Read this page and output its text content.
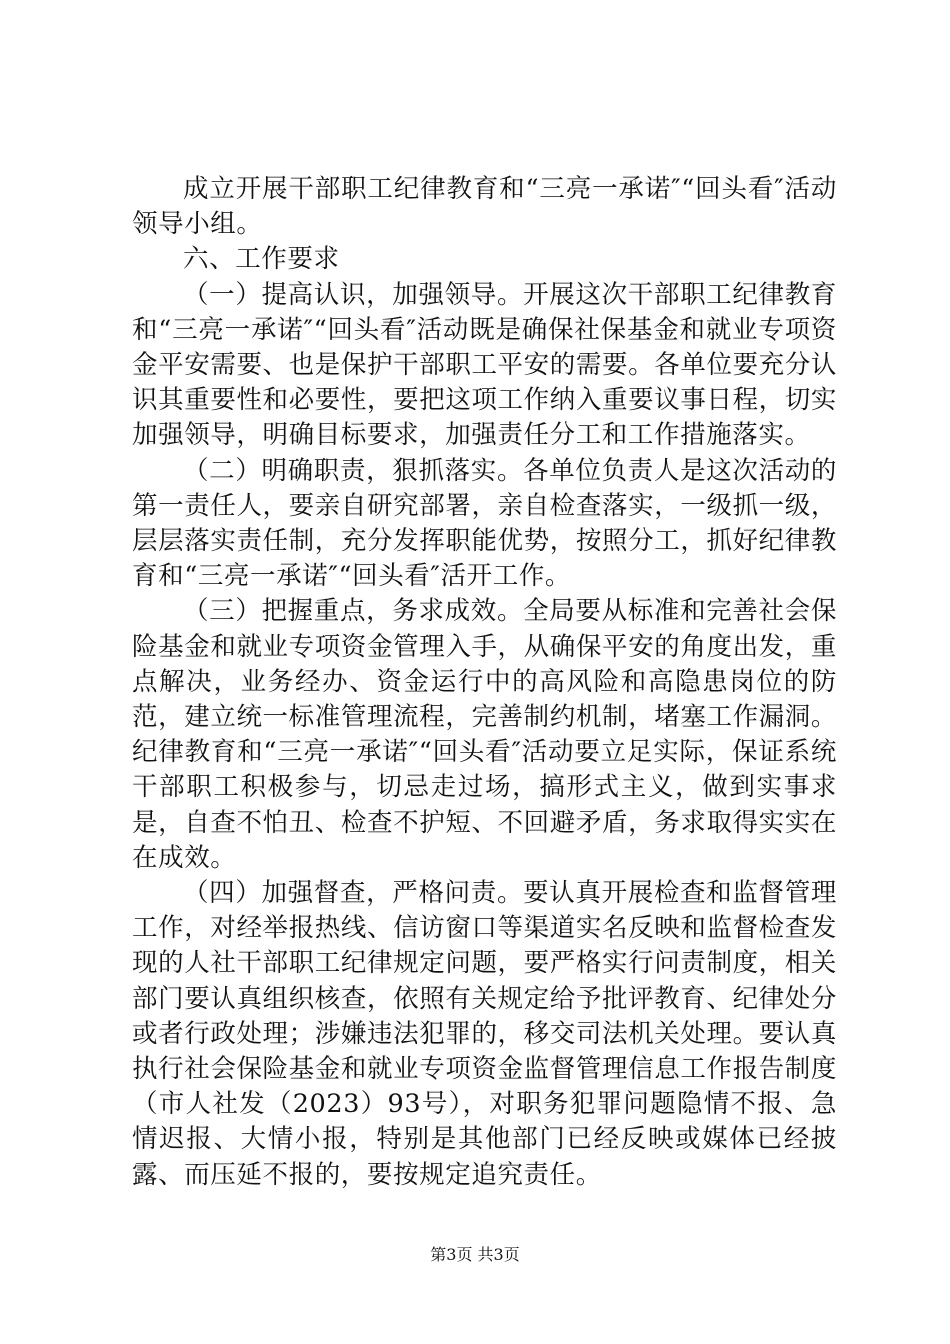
成立开展干部职工纪律教育和“三亮一承诺″“回头看″活动领导小组。

六、工作要求

（一）提高认识，加强领导。开展这次干部职工纪律教育和“三亮一承诺″“回头看″活动既是确保社保基金和就业专项资金平安需要、也是保护干部职工平安的需要。各单位要充分认识其重要性和必要性，要把这项工作纳入重要议事日程，切实加强领导，明确目标要求，加强责任分工和工作措施落实。

（二）明确职责，狠抓落实。各单位负责人是这次活动的第一责任人，要亲自研究部署，亲自检查落实，一级抓一级，层层落实责任制，充分发挥职能优势，按照分工，抓好纪律教育和“三亮一承诺″“回头看″活开工作。

（三）把握重点，务求成效。全局要从标准和完善社会保险基金和就业专项资金管理入手，从确保平安的角度出发，重点解决，业务经办、资金运行中的高风险和高隐患岗位的防范，建立统一标准管理流程，完善制约机制，堵塞工作漏洞。纪律教育和“三亮一承诺″“回头看″活动要立足实际，保证系统干部职工积极参与，切忌走过场，搞形式主义，做到实事求是，自查不怕丑、检查不护短、不回避矛盾，务求取得实实在在成效。

（四）加强督查，严格问责。要认真开展检查和监督管理工作，对经举报热线、信访窗口等渠道实名反映和监督检查发现的人社干部职工纪律规定问题，要严格实行问责制度，相关部门要认真组织核查，依照有关规定给予批评教育、纪律处分或者行政处理；涉嫌违法犯罪的，移交司法机关处理。要认真执行社会保险基金和就业专项资金监督管理信息工作报告制度（市人社发（2023）93号），对职务犯罪问题隐情不报、急情迟报、大情小报，特别是其他部门已经反映或媒体已经披露、而压延不报的，要按规定追究责任。

第3页 共3页
